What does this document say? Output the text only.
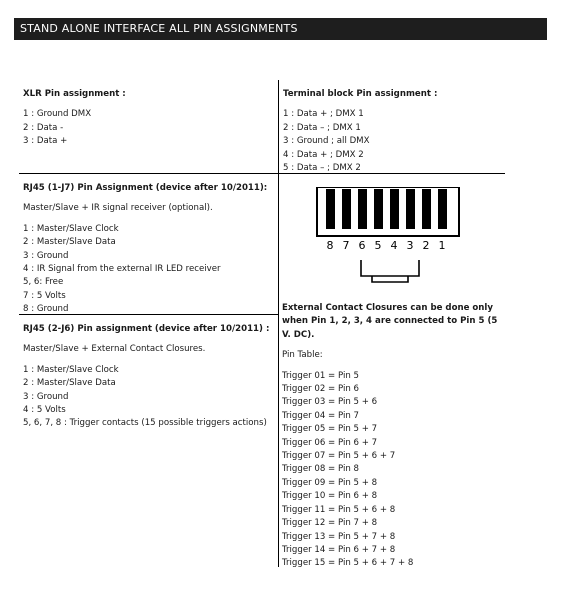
STAND ALONE INTERFACE ALL PIN ASSIGNMENTS

XLR Pin assignment :

1 : Ground DMX
2 : Data -
3 : Data +

Terminal block Pin assignment :

1 : Data + ; DMX 1
2 : Data – ; DMX 1
3 : Ground ; all DMX
4 : Data + ; DMX 2
5 : Data – ; DMX 2

RJ45 (1-J7) Pin Assignment (device after 10/2011):

Master/Slave + IR signal receiver (optional).

1 : Master/Slave Clock
2 : Master/Slave Data
3 : Ground
4 : IR Signal from the external IR LED receiver
5, 6: Free
7 : 5 Volts
8 : Ground

RJ45 (2-J6) Pin assignment (device after 10/2011) :

Master/Slave + External Contact Closures.

1 : Master/Slave Clock
2 : Master/Slave Data
3 : Ground
4 : 5 Volts
5, 6, 7, 8 : Trigger contacts (15 possible triggers actions)
8 7 6 5 4 3 2 1

External Contact Closures can be done only when Pin 1, 2, 3, 4 are connected to Pin 5 (5 V. DC).

Pin Table:

Trigger 01 = Pin 5
Trigger 02 = Pin 6
Trigger 03 = Pin 5 + 6
Trigger 04 = Pin 7
Trigger 05 = Pin 5 + 7
Trigger 06 = Pin 6 + 7
Trigger 07 = Pin 5 + 6 + 7
Trigger 08 = Pin 8
Trigger 09 = Pin 5 + 8
Trigger 10 = Pin 6 + 8
Trigger 11 = Pin 5 + 6 + 8
Trigger 12 = Pin 7 + 8
Trigger 13 = Pin 5 + 7 + 8
Trigger 14 = Pin 6 + 7 + 8
Trigger 15 = Pin 5 + 6 + 7 + 8
